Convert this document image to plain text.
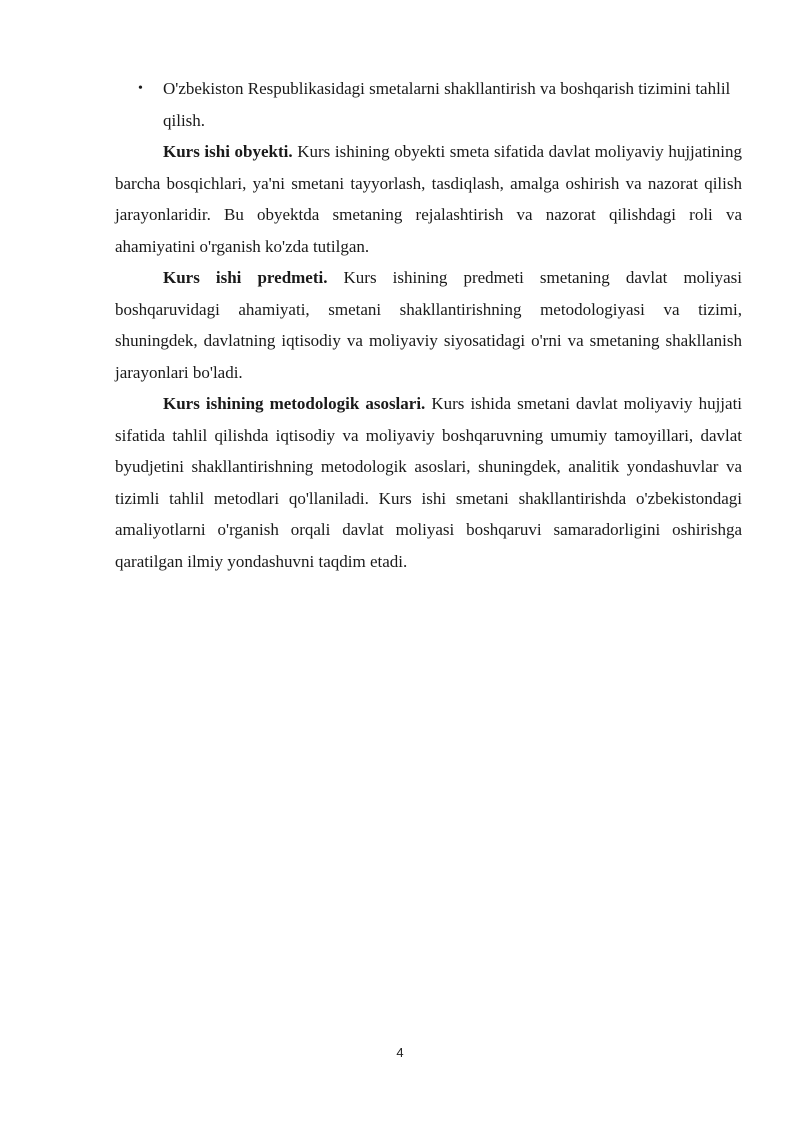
• O'zbekiston Respublikasidagi smetalarni shakllantirish va boshqarish tizimini tahlil qilish.

Kurs ishi obyekti. Kurs ishining obyekti smeta sifatida davlat moliyaviy hujjatining barcha bosqichlari, ya'ni smetani tayyorlash, tasdiqlash, amalga oshirish va nazorat qilish jarayonlaridir. Bu obyektda smetaning rejalashtirish va nazorat qilishdagi roli va ahamiyatini o'rganish ko'zda tutilgan.

Kurs ishi predmeti. Kurs ishining predmeti smetaning davlat moliyasi boshqaruvidagi ahamiyati, smetani shakllantirishning metodologiyasi va tizimi, shuningdek, davlatning iqtisodiy va moliyaviy siyosatidagi o'rni va smetaning shakllanish jarayonlari bo'ladi.

Kurs ishining metodologik asoslari. Kurs ishida smetani davlat moliyaviy hujjati sifatida tahlil qilishda iqtisodiy va moliyaviy boshqaruvning umumiy tamoyillari, davlat byudjetini shakllantirishning metodologik asoslari, shuningdek, analitik yondashuvlar va tizimli tahlil metodlari qo'llaniladi. Kurs ishi smetani shakllantirishda o'zbekistondagi amaliyotlarni o'rganish orqali davlat moliyasi boshqaruvi samaradorligini oshirishga qaratilgan ilmiy yondashuvni taqdim etadi.

4
